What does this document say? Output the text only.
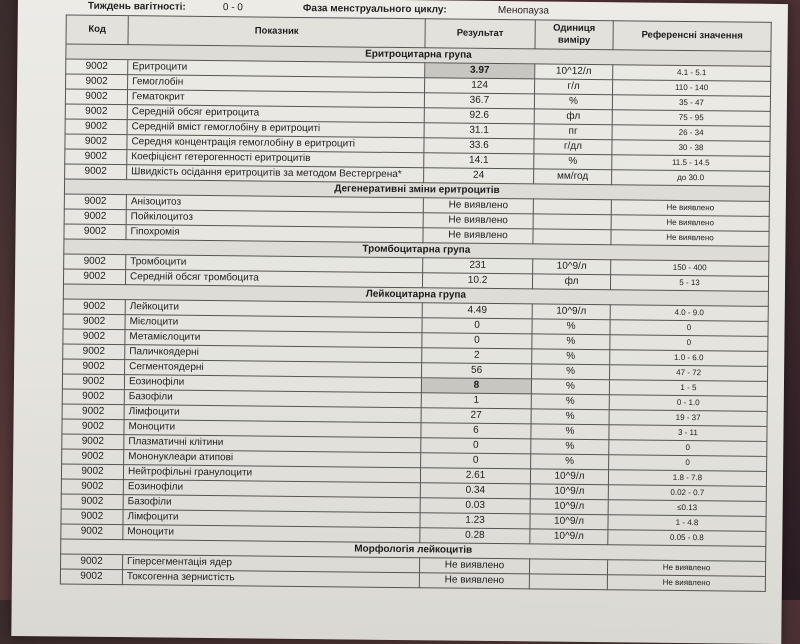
Тиждень вагітності:	0 - 0	Фаза менструального циклу:	Менопауза
Код	Показник	Результат	Одиниця виміру	Референсні значення
Еритроцитарна група				
9002	Еритроцити	3.97	10^12/л	4.1 - 5.1
9002	Гемоглобін	124	г/л	110 - 140
9002	Гематокрит	36.7	%	35 - 47
9002	Середній обсяг еритроцита	92.6	фл	75 - 95
9002	Середній вміст гемоглобіну в еритроциті	31.1	пг	26 - 34
9002	Середня концентрація гемоглобіну в еритроциті	33.6	г/дл	30 - 38
9002	Коефіцієнт гетерогенності еритроцитів	14.1	%	11.5 - 14.5
9002	Швидкість осідання еритроцитів за методом Вестергрена*	24	мм/год	до 30.0
Дегенеративні зміни еритроцитів				
9002	Анізоцитоз	Не виявлено		Не виявлено
9002	Пойкілоцитоз	Не виявлено		Не виявлено
9002	Гіпохромія	Не виявлено		Не виявлено
Тромбоцитарна група				
9002	Тромбоцити	231	10^9/л	150 - 400
9002	Середній обсяг тромбоцита	10.2	фл	5 - 13
Лейкоцитарна група				
9002	Лейкоцити	4.49	10^9/л	4.0 - 9.0
9002	Мієлоцити	0	%	0
9002	Метамієлоцити	0	%	0
9002	Паличкоядерні	2	%	1.0 - 6.0
9002	Сегментоядерні	56	%	47 - 72
9002	Еозинофіли	8	%	1 - 5
9002	Базофіли	1	%	0 - 1.0
9002	Лімфоцити	27	%	19 - 37
9002	Моноцити	6	%	3 - 11
9002	Плазматичні клітини	0	%	0
9002	Мононуклеари атипові	0	%	0
9002	Нейтрофільні гранулоцити	2.61	10^9/л	1.8 - 7.8
9002	Еозинофіли	0.34	10^9/л	0.02 - 0.7
9002	Базофіли	0.03	10^9/л	≤0.13
9002	Лімфоцити	1.23	10^9/л	1 - 4.8
9002	Моноцити	0.28	10^9/л	0.05 - 0.8
Морфологія лейкоцитів				
9002	Гіперсегментація ядер	Не виявлено		Не виявлено
9002	Токсогенна зернистість	Не виявлено		Не виявлено
